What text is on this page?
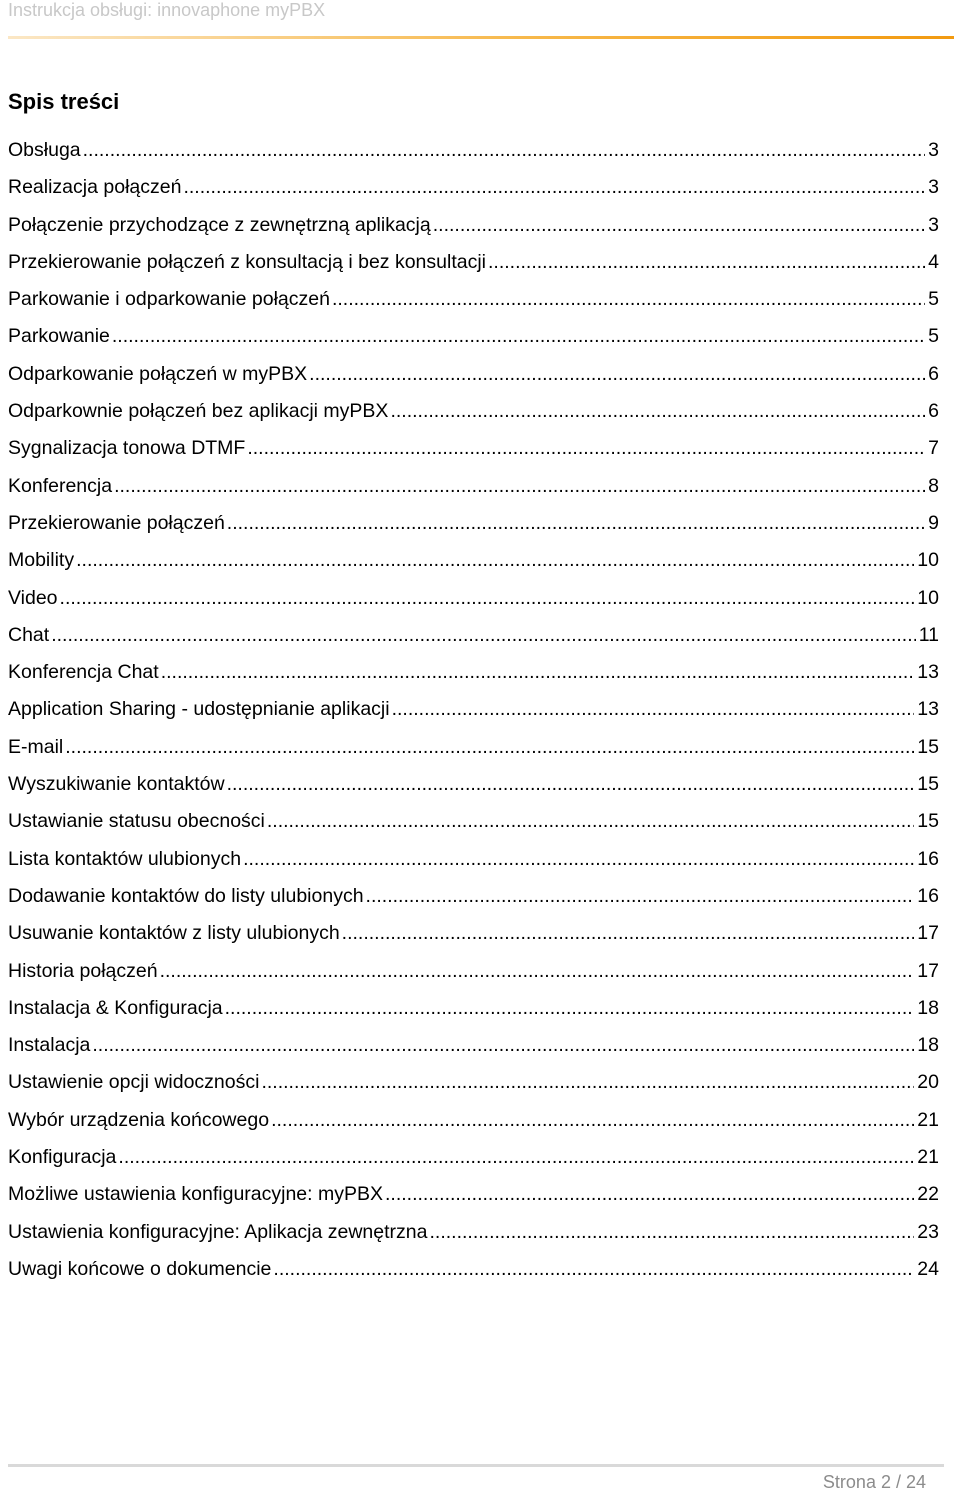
Instrukcja obsługi: innovaphone myPBX
Spis treści
Obsługa .....	3
Realizacja połączeń .....	3
Połączenie przychodzące z zewnętrzną aplikacją .....	3
Przekierowanie połączeń z konsultacją i bez konsultacji .....	4
Parkowanie i odparkowanie połączeń .....	5
Parkowanie .....	5
Odparkowanie połączeń w myPBX .....	6
Odparkownie połączeń bez aplikacji myPBX .....	6
Sygnalizacja tonowa DTMF .....	7
Konferencja .....	8
Przekierowanie połączeń .....	9
Mobility .....	10
Video .....	10
Chat .....	11
Konferencja Chat .....	13
Application Sharing - udostępnianie aplikacji .....	13
E-mail .....	15
Wyszukiwanie kontaktów .....	15
Ustawianie statusu obecności .....	15
Lista kontaktów ulubionych .....	16
Dodawanie kontaktów do listy ulubionych .....	16
Usuwanie kontaktów z listy ulubionych .....	17
Historia połączeń .....	17
Instalacja & Konfiguracja .....	18
Instalacja .....	18
Ustawienie opcji widoczności .....	20
Wybór urządzenia końcowego .....	21
Konfiguracja .....	21
Możliwe ustawienia konfiguracyjne: myPBX .....	22
Ustawienia konfiguracyjne: Aplikacja zewnętrzna .....	23
Uwagi końcowe o dokumencie .....	24
Strona 2 / 24
